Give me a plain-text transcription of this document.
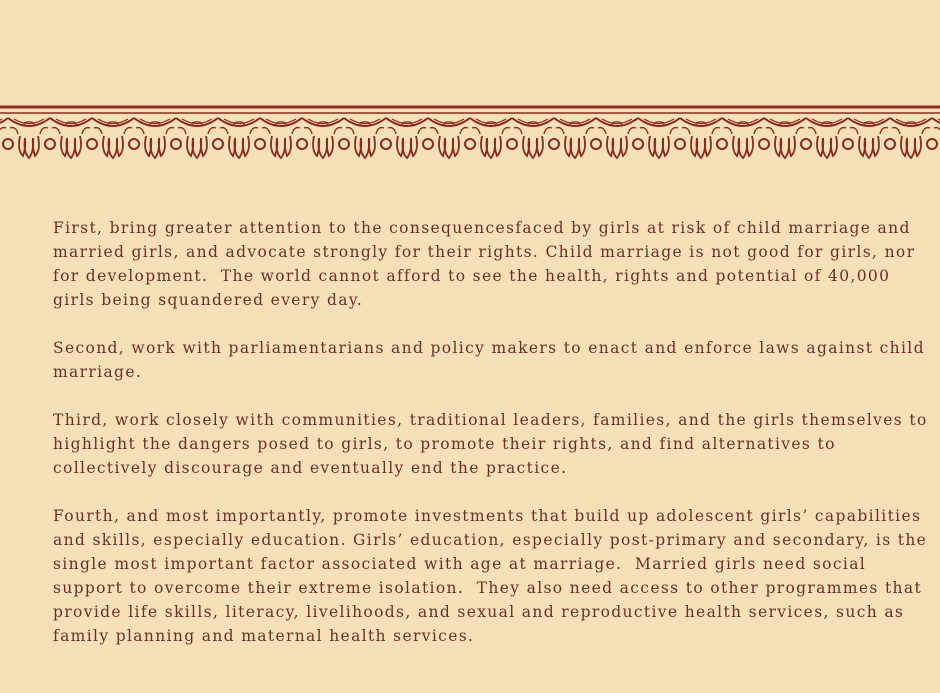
First, bring greater attention to the consequencesfaced by girls at risk of child marriage and married girls, and advocate strongly for their rights. Child marriage is not good for girls, nor for development.  The world cannot afford to see the health, rights and potential of 40,000 girls being squandered every day.

Second, work with parliamentarians and policy makers to enact and enforce laws against child marriage.

Third, work closely with communities, traditional leaders, families, and the girls themselves to highlight the dangers posed to girls, to promote their rights, and find alternatives to collectively discourage and eventually end the practice.

Fourth, and most importantly, promote investments that build up adolescent girls’ capabilities and skills, especially education. Girls’ education, especially post-primary and secondary, is the single most important factor associated with age at marriage.  Married girls need social support to overcome their extreme isolation.  They also need access to other programmes that provide life skills, literacy, livelihoods, and sexual and reproductive health services, such as family planning and maternal health services.
